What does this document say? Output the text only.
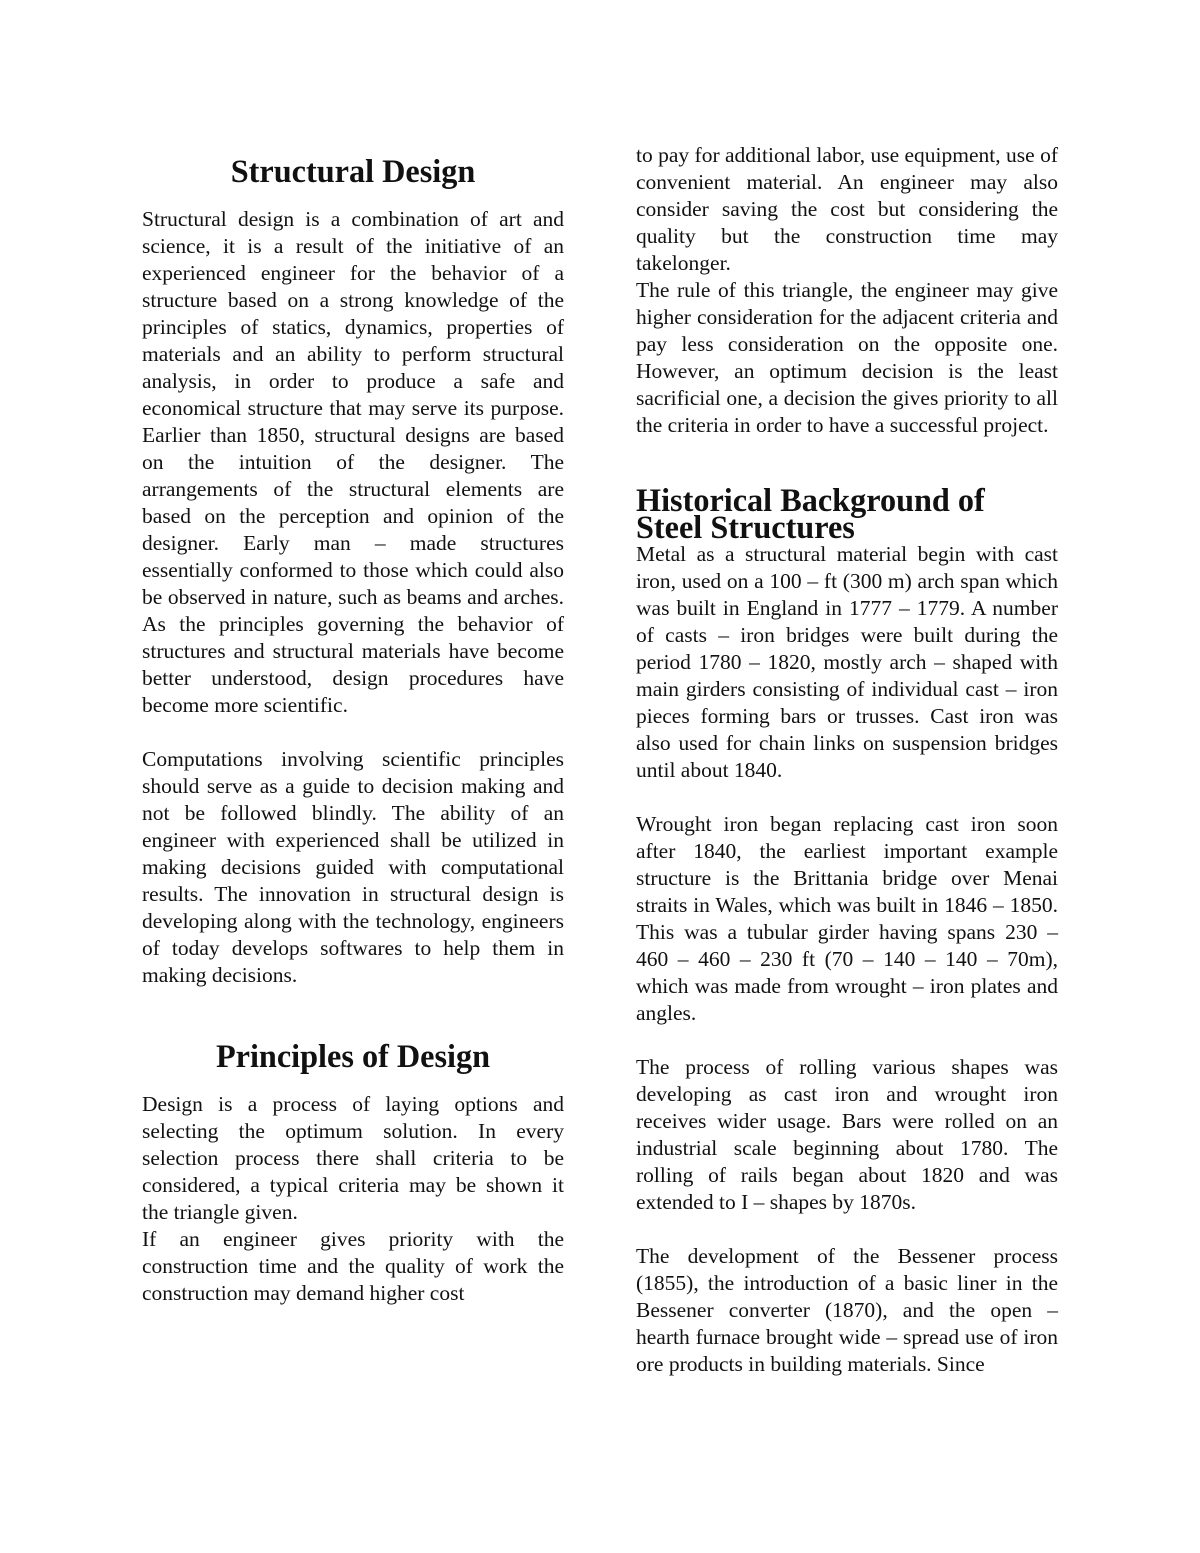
Structural Design

Structural design is a combination of art and science, it is a result of the initiative of an experienced engineer for the behavior of a structure based on a strong knowledge of the principles of statics, dynamics, properties of materials and an ability to perform structural analysis, in order to produce a safe and economical structure that may serve its purpose. Earlier than 1850, structural designs are based on the intuition of the designer. The arrangements of the structural elements are based on the perception and opinion of the designer. Early man – made structures essentially conformed to those which could also be observed in nature, such as beams and arches. As the principles governing the behavior of structures and structural materials have become better understood, design procedures have become more scientific.

Computations involving scientific principles should serve as a guide to decision making and not be followed blindly. The ability of an engineer with experienced shall be utilized in making decisions guided with computational results. The innovation in structural design is developing along with the technology, engineers of today develops softwares to help them in making decisions.

Principles of Design

Design is a process of laying options and selecting the optimum solution. In every selection process there shall criteria to be considered, a typical criteria may be shown it the triangle given.

If an engineer gives priority with the construction time and the quality of work the construction may demand higher cost

to pay for additional labor, use equipment, use of convenient material. An engineer may also consider saving the cost but considering the quality but the construction time may takelonger.

The rule of this triangle, the engineer may give higher consideration for the adjacent criteria and pay less consideration on the opposite one. However, an optimum decision is the least sacrificial one, a decision the gives priority to all the criteria in order to have a successful project.

Historical Background of Steel Structures

Metal as a structural material begin with cast iron, used on a 100 – ft (300 m) arch span which was built in England in 1777 – 1779. A number of casts – iron bridges were built during the period 1780 – 1820, mostly arch – shaped with main girders consisting of individual cast – iron pieces forming bars or trusses. Cast iron was also used for chain links on suspension bridges until about 1840.

Wrought iron began replacing cast iron soon after 1840, the earliest important example structure is the Brittania bridge over Menai straits in Wales, which was built in 1846 – 1850. This was a tubular girder having spans 230 – 460 – 460 – 230 ft (70 – 140 – 140 – 70m), which was made from wrought – iron plates and angles.

The process of rolling various shapes was developing as cast iron and wrought iron receives wider usage. Bars were rolled on an industrial scale beginning about 1780. The rolling of rails began about 1820 and was extended to I – shapes by 1870s.

The development of the Bessener process (1855), the introduction of a basic liner in the Bessener converter (1870), and the open – hearth furnace brought wide – spread use of iron ore products in building materials. Since
